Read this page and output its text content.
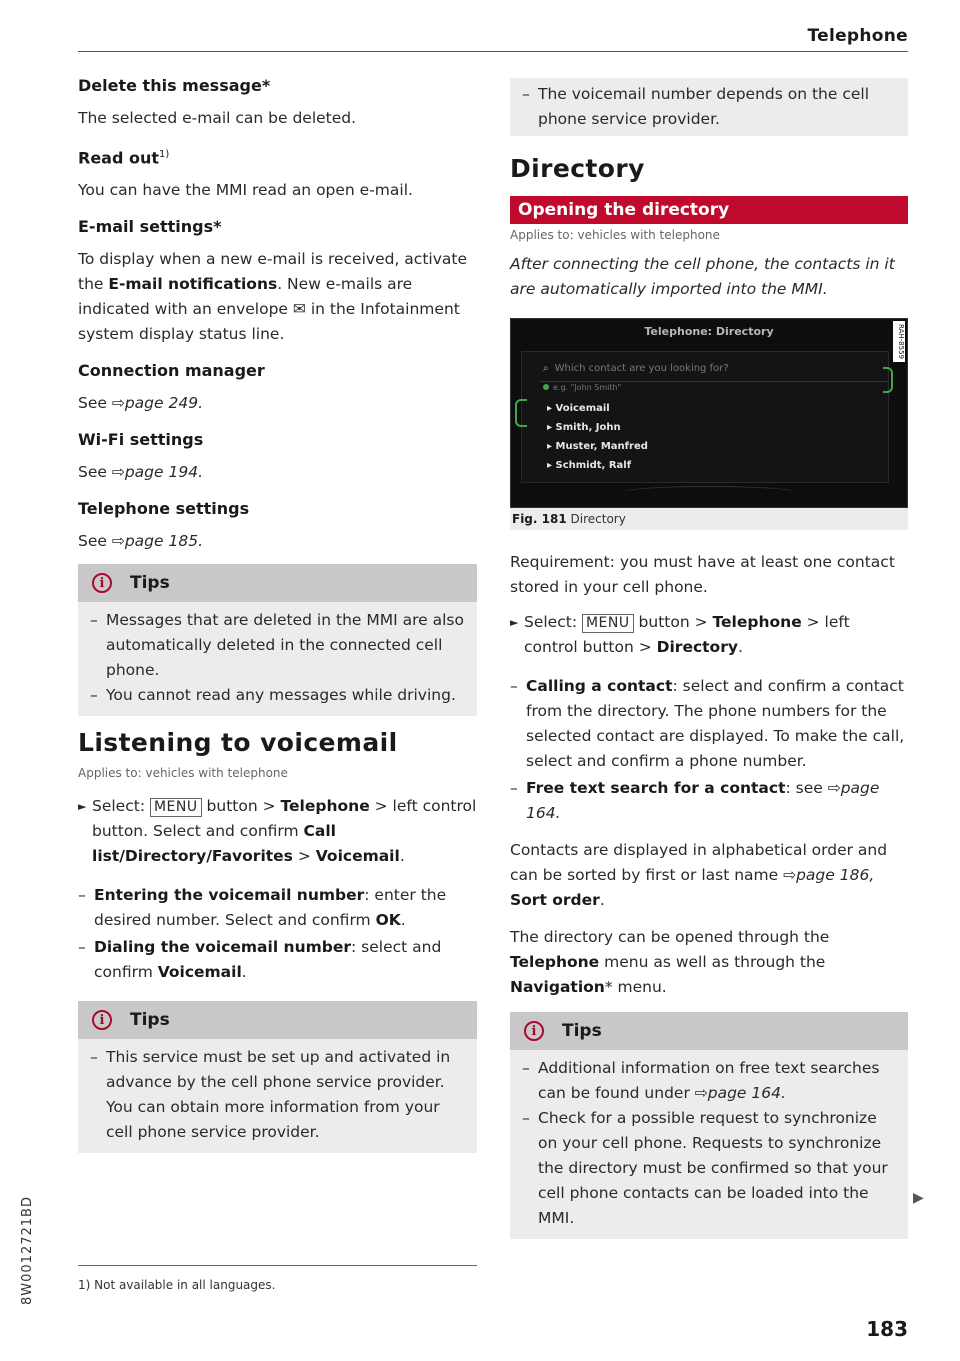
Telephone

Delete this message*

The selected e-mail can be deleted.

Read out$^{1)}$

You can have the MMI read an open e-mail.

E-mail settings*

To display when a new e-mail is received, activate the E-mail notifications. New e-mails are indicated with an envelope ✉ in the Infotainment system display status line.

Connection manager

See ⇨page 249.

Wi-Fi settings

See ⇨page 194.

Telephone settings

See ⇨page 185.

i	Tips

– Messages that are deleted in the MMI are also automatically deleted in the connected cell phone.

– You cannot read any messages while driving.

Listening to voicemail

Applies to: vehicles with telephone

► Select: MENU button > Telephone > left control button. Select and confirm Call list/Directory/Favorites > Voicemail.

– Entering the voicemail number: enter the desired number. Select and confirm OK.

– Dialing the voicemail number: select and confirm Voicemail.

i	Tips

– This service must be set up and activated in advance by the cell phone service provider. You can obtain more information from your cell phone service provider.

1) Not available in all languages.

– The voicemail number depends on the cell phone service provider.

Directory

Opening the directory

Applies to: vehicles with telephone

After connecting the cell phone, the contacts in it are automatically imported into the MMI.

Telephone: Directory
⌕ Which contact are you looking for?
e.g. "John Smith"
▸ Voicemail
▸ Smith, John
▸ Muster, Manfred
▸ Schmidt, Ralf
RAH-8559
Fig. 181 Directory

Requirement: you must have at least one contact stored in your cell phone.

► Select: MENU button > Telephone > left control button > Directory.

– Calling a contact: select and confirm a contact from the directory. The phone numbers for the selected contact are displayed. To make the call, select and confirm a phone number.

– Free text search for a contact: see ⇨page 164.

Contacts are displayed in alphabetical order and can be sorted by first or last name ⇨page 186, Sort order.

The directory can be opened through the Telephone menu as well as through the Navigation* menu.

i	Tips

– Additional information on free text searches can be found under ⇨page 164.

– Check for a possible request to synchronize on your cell phone. Requests to synchronize the directory must be confirmed so that your cell phone contacts can be loaded into the MMI.

▶
8W0012721BD
183
